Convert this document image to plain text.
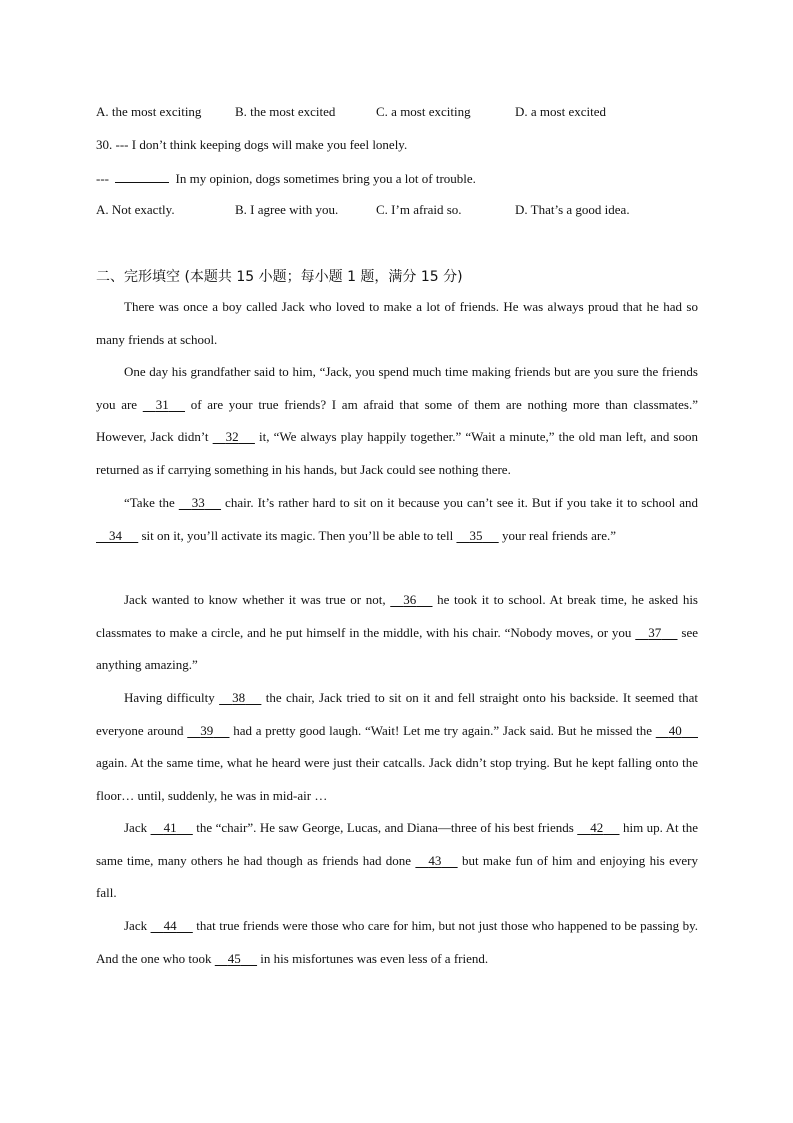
A. the most exciting	B. the most excited	C. a most exciting	D. a most excited
30. --- I don’t think keeping dogs will make you feel lonely.
---	In my opinion, dogs sometimes bring you a lot of trouble.
A. Not exactly.	B. I agree with you.	C. I’m afraid so.	D. That’s a good idea.
二、完形填空 (本题共 15 小题；每小题 1 题，满分 15 分)

There was once a boy called Jack who loved to make a lot of friends. He was always proud that he had so many friends at school.

One day his grandfather said to him, “Jack, you spend much time making friends but are you sure the friends you are     31      of are your true friends? I am afraid that some of them are nothing more than classmates.” However, Jack didn’t     32      it, “We always play happily together.” “Wait a minute,” the old man left, and soon returned as if carrying something in his hands, but Jack could see nothing there.

“Take the     33      chair. It’s rather hard to sit on it because you can’t see it. But if you take it to school and     34      sit on it, you’ll activate its magic. Then you’ll be able to tell     35      your real friends are.”

Jack wanted to know whether it was true or not,     36      he took it to school. At break time, he asked his classmates to make a circle, and he put himself in the middle, with his chair. “Nobody moves, or you     37      see anything amazing.”

Having difficulty     38      the chair, Jack tried to sit on it and fell straight onto his backside. It seemed that everyone around     39      had a pretty good laugh. “Wait! Let me try again.” Jack said. But he missed the     40      again. At the same time, what he heard were just their catcalls. Jack didn’t stop trying. But he kept falling onto the floor… until, suddenly, he was in mid-air …

Jack     41      the “chair”. He saw George, Lucas, and Diana—three of his best friends     42      him up. At the same time, many others he had though as friends had done     43      but make fun of him and enjoying his every fall.

Jack     44      that true friends were those who care for him, but not just those who happened to be passing by. And the one who took     45      in his misfortunes was even less of a friend.
